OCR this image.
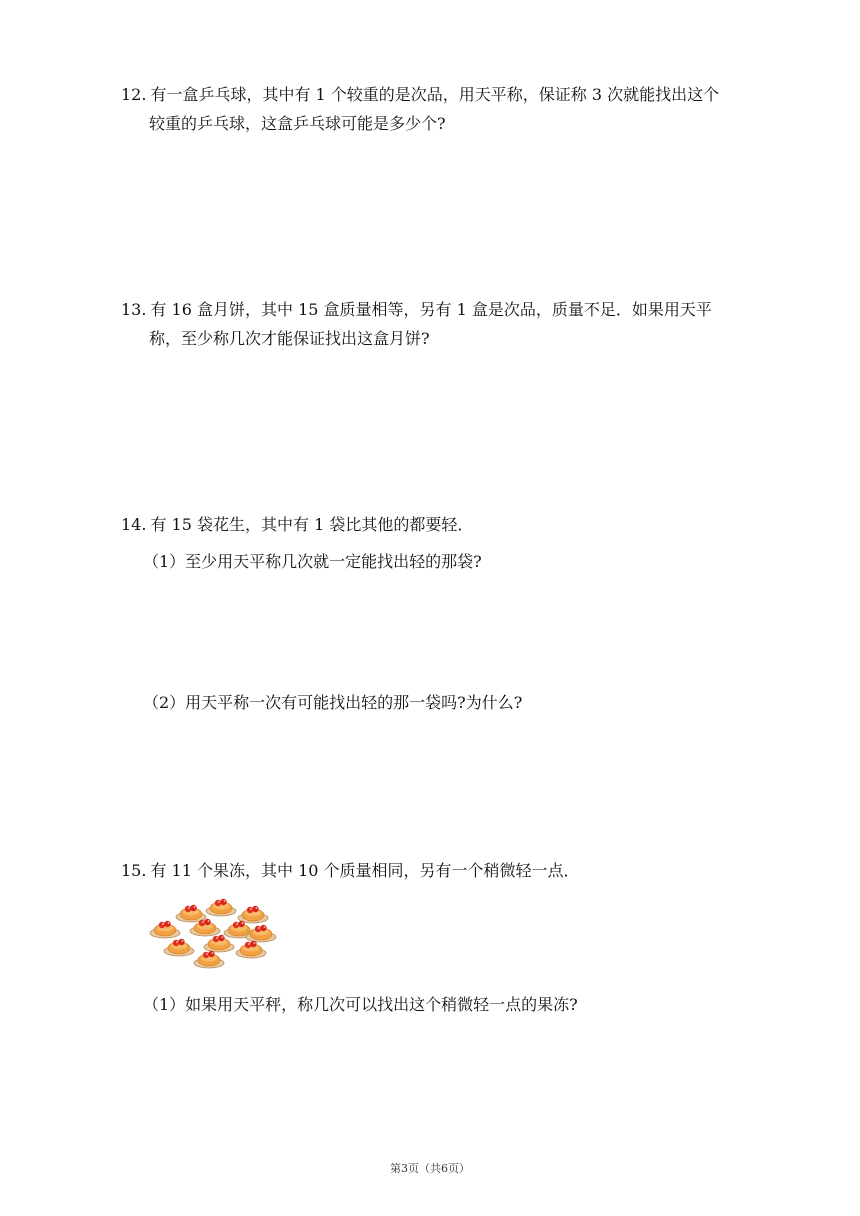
12. 有一盒乒乓球，其中有 1 个较重的是次品，用天平称，保证称 3 次就能找出这个
较重的乒乓球，这盒乒乓球可能是多少个?
13. 有 16 盒月饼，其中 15 盒质量相等，另有 1 盒是次品，质量不足．如果用天平
称，至少称几次才能保证找出这盒月饼?
14. 有 15 袋花生，其中有 1 袋比其他的都要轻．
（1）至少用天平称几次就一定能找出轻的那袋?
（2）用天平称一次有可能找出轻的那一袋吗?为什么?
15. 有 11 个果冻，其中 10 个质量相同，另有一个稍微轻一点．
（1）如果用天平秤，称几次可以找出这个稍微轻一点的果冻?
第3页（共6页）
